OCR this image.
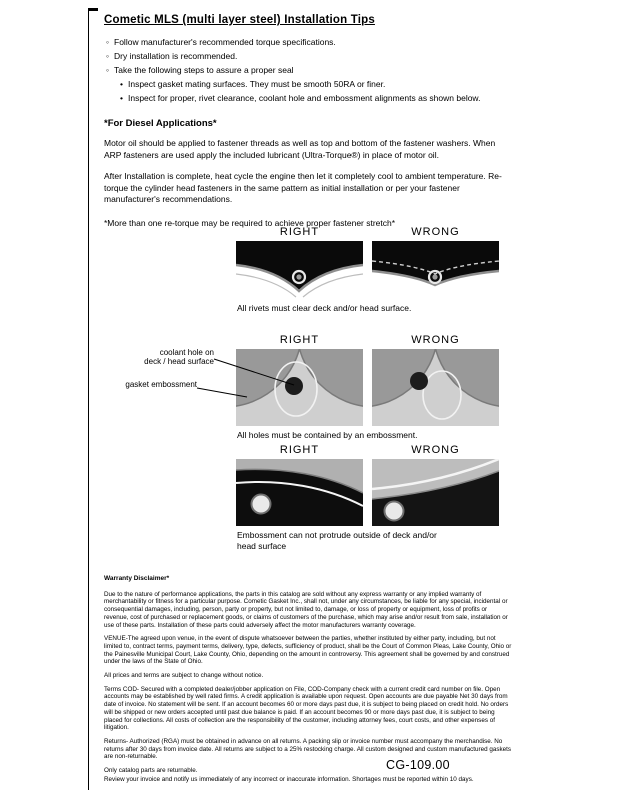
Cometic MLS (multi layer steel) Installation Tips
◦ Follow manufacturer's recommended torque specifications.
◦ Dry installation is recommended.
◦ Take the following steps to assure a proper seal
• Inspect gasket mating surfaces. They must be smooth 50RA or finer.
• Inspect for proper, rivet clearance, coolant hole and embossment alignments as shown below.
*For Diesel Applications*

Motor oil should be applied to fastener threads as well as top and bottom of the fastener washers. When ARP fasteners are used apply the included lubricant (Ultra-Torque®) in place of motor oil.

After Installation is complete, heat cycle the engine then let it completely cool to ambient temperature. Re-torque the cylinder head fasteners in the same pattern as initial installation or per your fastener manufacturer's recommendations.

*More than one re-torque may be required to achieve proper fastener stretch*

RIGHT	WRONG
All rivets must clear deck and/or head surface.
coolant hole on
deck / head surface
gasket embossment
RIGHT	WRONG
All holes must be contained by an embossment.
RIGHT	WRONG
Embossment can not protrude outside of deck and/or head surface
Warranty Disclaimer*

Due to the nature of performance applications, the parts in this catalog are sold without any express warranty or any implied warranty of merchantability or fitness for a particular purpose. Cometic Gasket Inc., shall not, under any circumstances, be liable for any special, incidental or consequential damages, including, person, party or property, but not limited to, damage, or loss of property or equipment, loss of profits or revenue, cost of purchased or replacement goods, or claims of customers of the purchase, which may arise and/or result from sale, installation or use of these parts. Installation of these parts could adversely affect the motor manufacturers warranty coverage.

VENUE-The agreed upon venue, in the event of dispute whatsoever between the parties, whether instituted by either party, including, but not limited to, contract terms, payment terms, delivery, type, defects, sufficiency of product, shall be the Court of Common Pleas, Lake County, Ohio or the Painesville Municipal Court, Lake County, Ohio, depending on the amount in controversy. This agreement shall be governed by and construed under the laws of the State of Ohio.

All prices and terms are subject to change without notice.

Terms COD- Secured with a completed dealer/jobber application on File, COD-Company check with a current credit card number on file. Open accounts may be established by well rated firms. A credit application is available upon request. Open accounts are due payable Net 30 days from date of invoice. No statement will be sent. If an account becomes 60 or more days past due, it is subject to being placed on credit hold. No orders will be shipped or new orders accepted until past due balance is paid. If an account becomes 90 or more days past due, it is subject to being placed for collections. All costs of collection are the responsibility of the customer, including attorney fees, court costs, and other expenses of litigation.

Returns- Authorized (RGA) must be obtained in advance on all returns. A packing slip or invoice number must accompany the merchandise. No returns after 30 days from invoice date. All returns are subject to a 25% restocking charge. All custom designed and custom manufactured gaskets are non-returnable.

Only catalog parts are returnable.

Review your invoice and notify us immediately of any incorrect or inaccurate information. Shortages must be reported within 10 days.

CG-109.00
